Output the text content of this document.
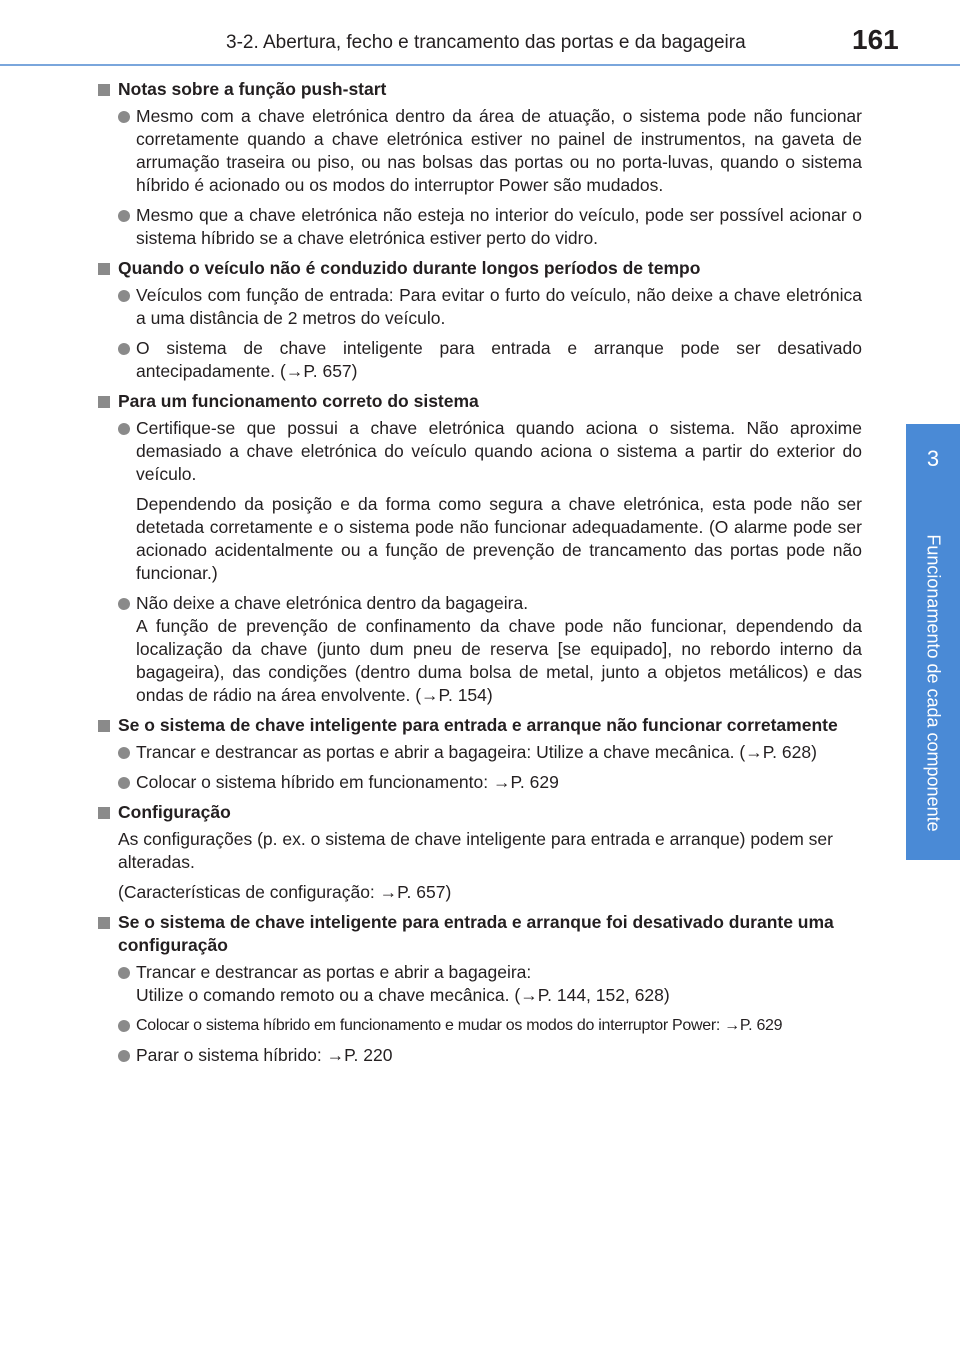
3-2. Abertura, fecho e trancamento das portas e da bagageira	161
3
Funcionamento de cada componente
Notas sobre a função push-start
Mesmo com a chave eletrónica dentro da área de atuação, o sistema pode não funcionar corretamente quando a chave eletrónica estiver no painel de instrumentos, na gaveta de arrumação traseira ou piso, ou nas bolsas das portas ou no porta-luvas, quando o sistema híbrido é acionado ou os modos do interruptor Power são mudados.
Mesmo que a chave eletrónica não esteja no interior do veículo, pode ser possível acionar o sistema híbrido se a chave eletrónica estiver perto do vidro.
Quando o veículo não é conduzido durante longos períodos de tempo
Veículos com função de entrada: Para evitar o furto do veículo, não deixe a chave eletrónica a uma distância de 2 metros do veículo.
O sistema de chave inteligente para entrada e arranque pode ser desativado antecipadamente. (→P. 657)
Para um funcionamento correto do sistema
Certifique-se que possui a chave eletrónica quando aciona o sistema. Não aproxime demasiado a chave eletrónica do veículo quando aciona o sistema a partir do exterior do veículo.
Dependendo da posição e da forma como segura a chave eletrónica, esta pode não ser detetada corretamente e o sistema pode não funcionar adequadamente. (O alarme pode ser acionado acidentalmente ou a função de prevenção de trancamento das portas pode não funcionar.)
Não deixe a chave eletrónica dentro da bagageira.
A função de prevenção de confinamento da chave pode não funcionar, dependendo da localização da chave (junto dum pneu de reserva [se equipado], no rebordo interno da bagageira), das condições (dentro duma bolsa de metal, junto a objetos metálicos) e das ondas de rádio na área envolvente. (→P. 154)
Se o sistema de chave inteligente para entrada e arranque não funcionar corretamente
Trancar e destrancar as portas e abrir a bagageira: Utilize a chave mecânica. (→P. 628)
Colocar o sistema híbrido em funcionamento: →P. 629
Configuração
As configurações (p. ex. o sistema de chave inteligente para entrada e arranque) podem ser alteradas.
(Características de configuração: →P. 657)
Se o sistema de chave inteligente para entrada e arranque foi desativado durante uma configuração
Trancar e destrancar as portas e abrir a bagageira:
Utilize o comando remoto ou a chave mecânica. (→P. 144, 152, 628)
Colocar o sistema híbrido em funcionamento e mudar os modos do interruptor Power: →P. 629
Parar o sistema híbrido: →P. 220
